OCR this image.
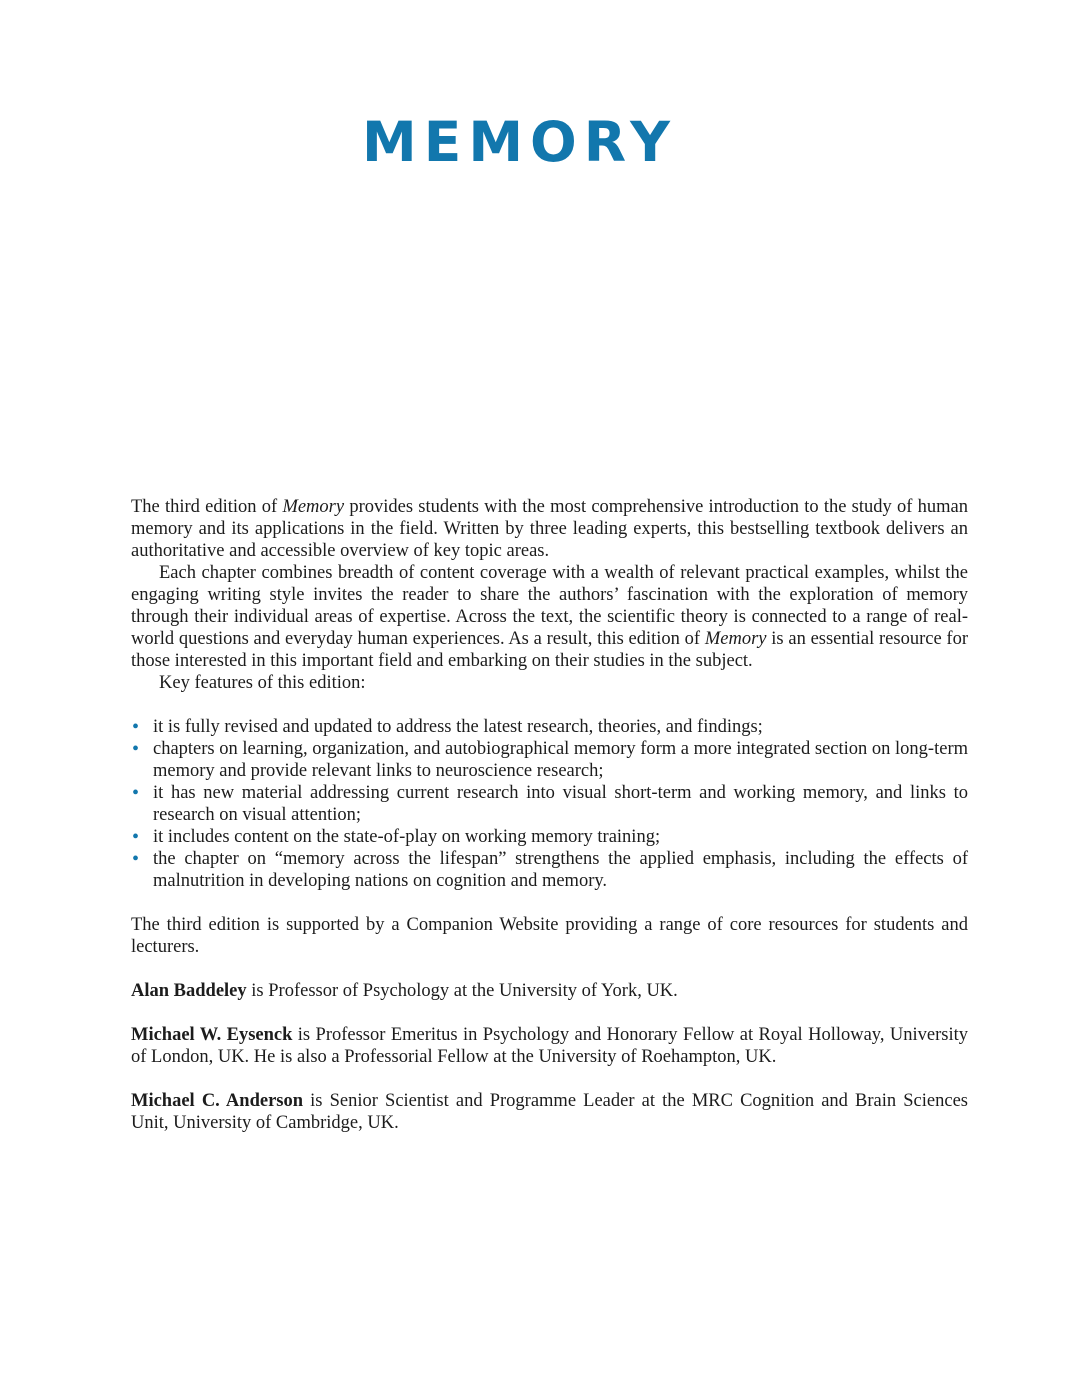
MEMORY

The third edition of Memory provides students with the most comprehensive introduction to the study of human memory and its applications in the field. Written by three leading experts, this bestselling textbook delivers an authoritative and accessible overview of key topic areas.

Each chapter combines breadth of content coverage with a wealth of relevant practical examples, whilst the engaging writing style invites the reader to share the authors’ fascination with the exploration of memory through their individual areas of expertise. Across the text, the scientific theory is connected to a range of real-world questions and everyday human experiences. As a result, this edition of Memory is an essential resource for those interested in this important field and embarking on their studies in the subject.

Key features of this edition:

• it is fully revised and updated to address the latest research, theories, and findings;
• chapters on learning, organization, and autobiographical memory form a more integrated section on long-term memory and provide relevant links to neuroscience research;
• it has new material addressing current research into visual short-term and working memory, and links to research on visual attention;
• it includes content on the state-of-play on working memory training;
• the chapter on “memory across the lifespan” strengthens the applied emphasis, including the effects of malnutrition in developing nations on cognition and memory.

The third edition is supported by a Companion Website providing a range of core resources for students and lecturers.

Alan Baddeley is Professor of Psychology at the University of York, UK.

Michael W. Eysenck is Professor Emeritus in Psychology and Honorary Fellow at Royal Holloway, University of London, UK. He is also a Professorial Fellow at the University of Roehampton, UK.

Michael C. Anderson is Senior Scientist and Programme Leader at the MRC Cognition and Brain Sciences Unit, University of Cambridge, UK.
